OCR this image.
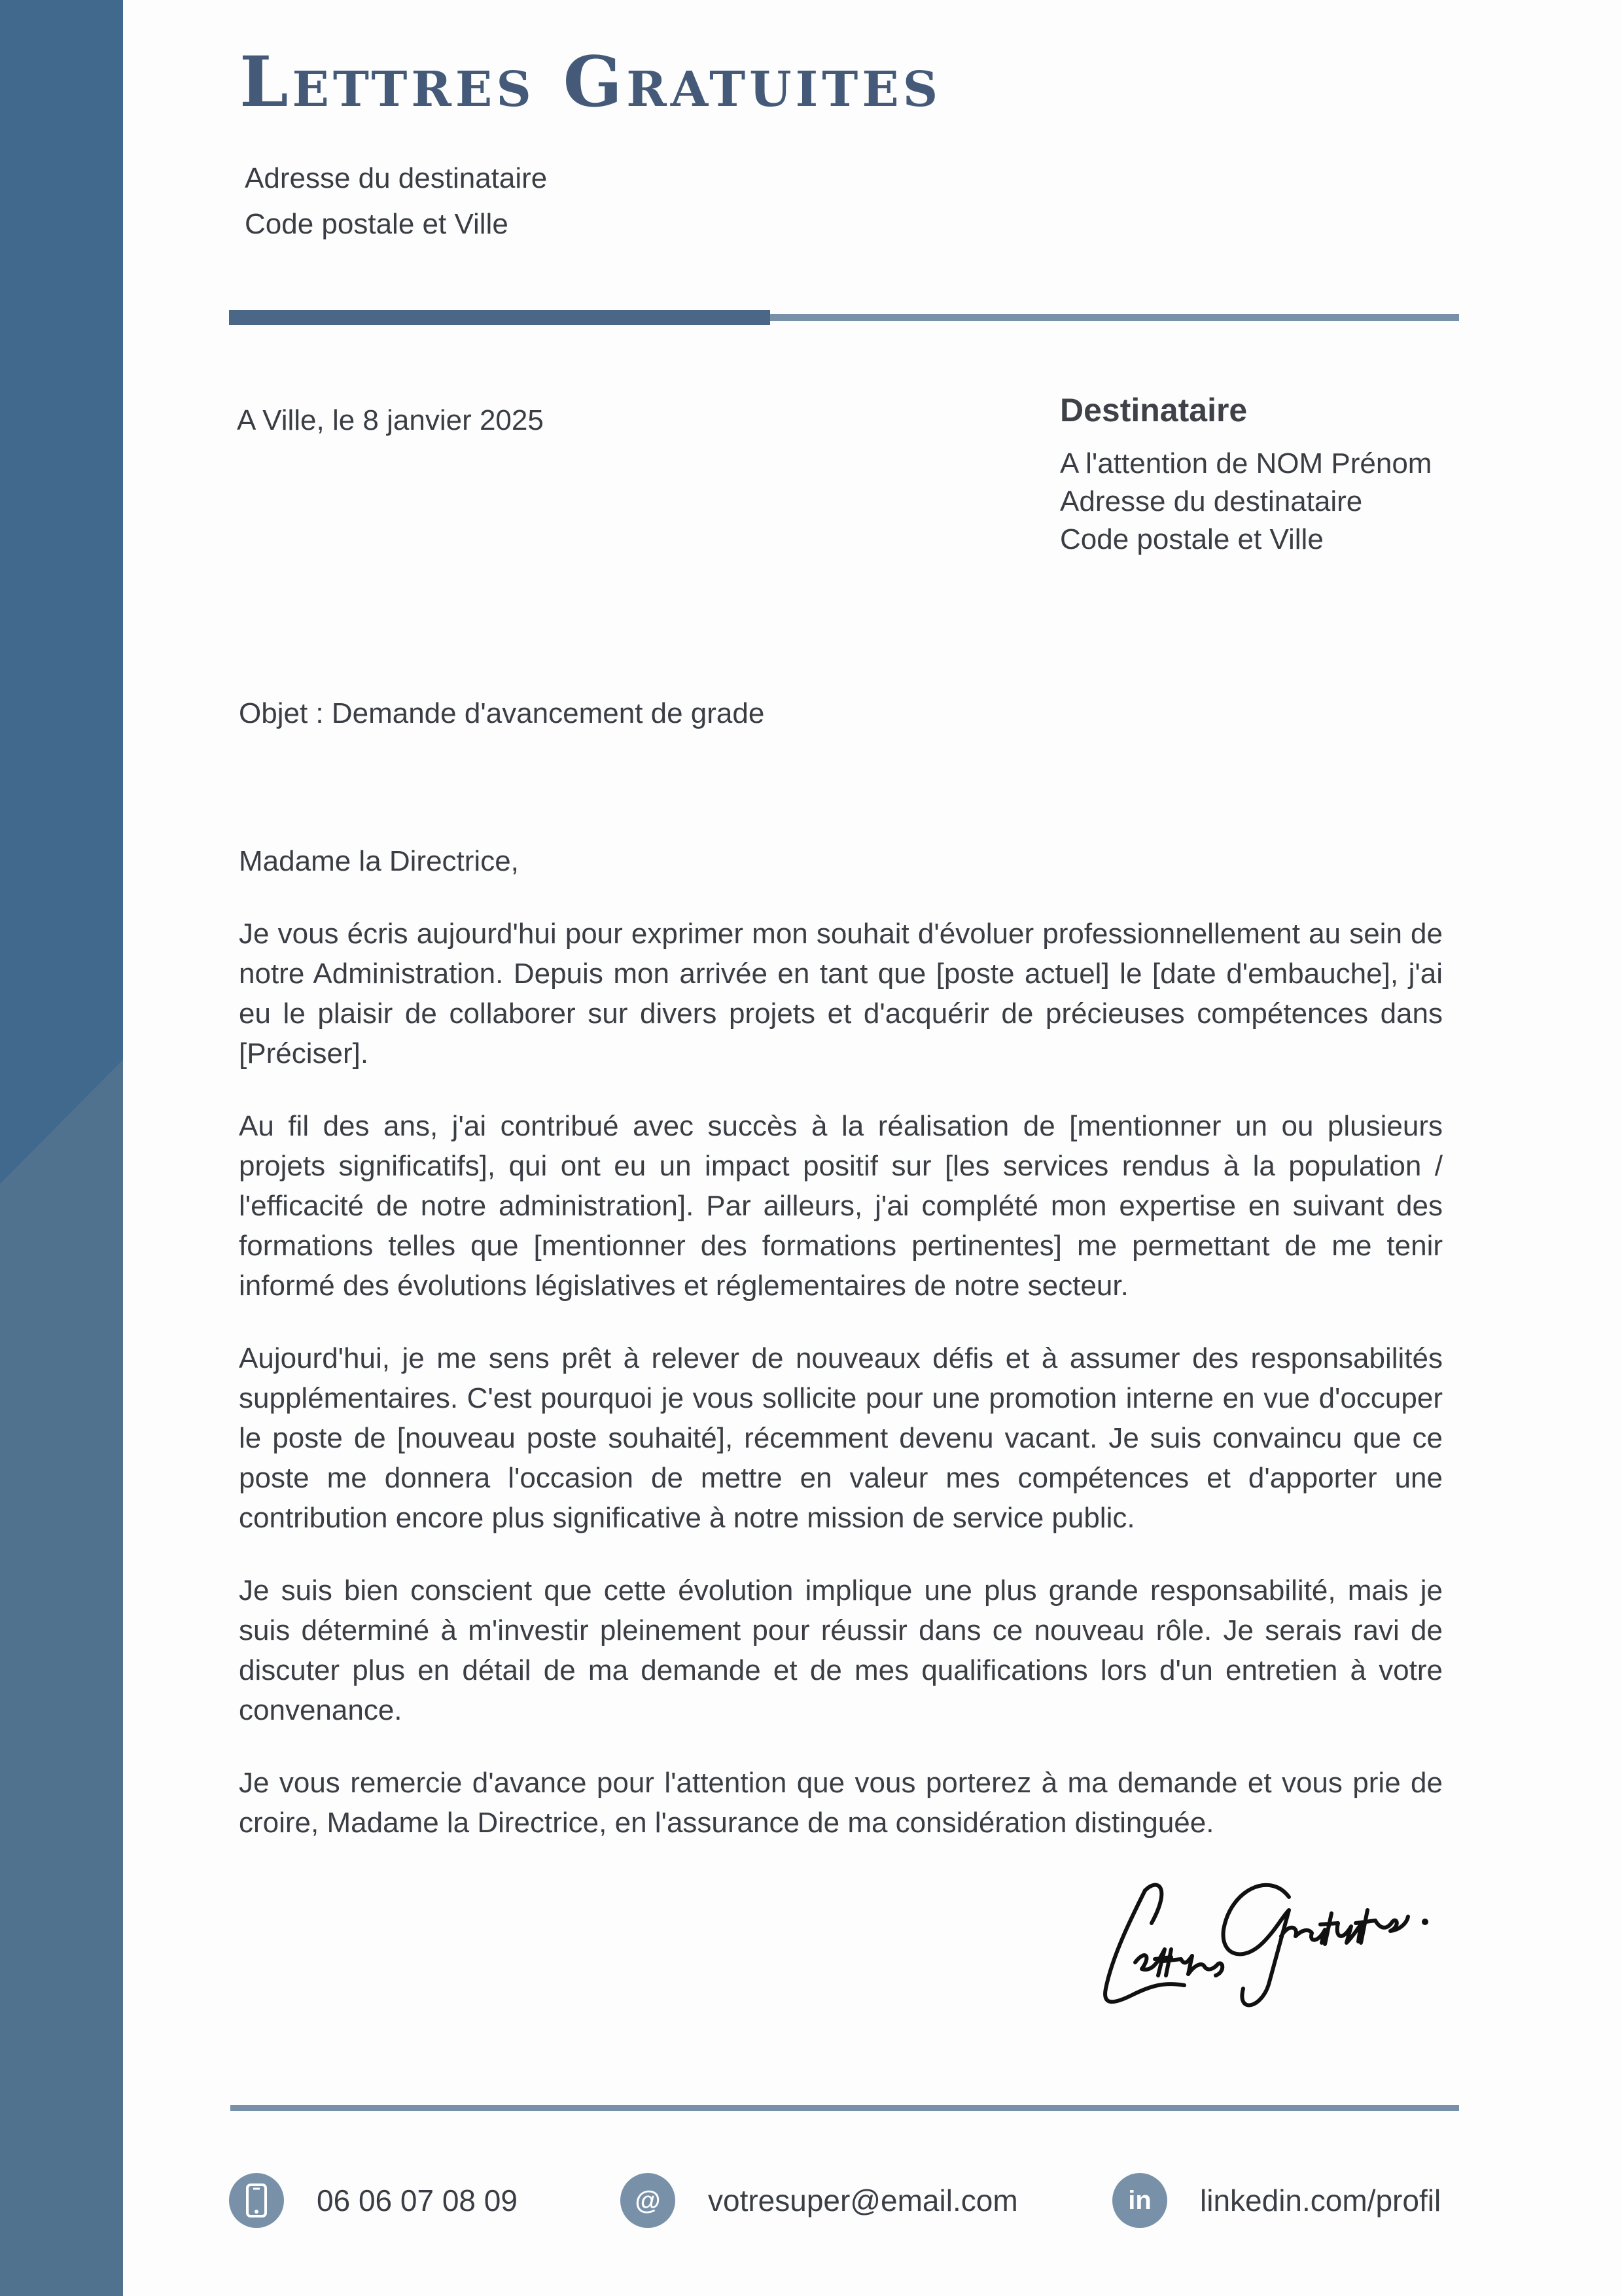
Lettres Gratuites
Adresse du destinataire
Code postale et Ville
A Ville, le 8 janvier 2025	Destinataire
A l'attention de NOM Prénom
Adresse du destinataire
Code postale et Ville
Objet : Demande d'avancement de grade

Madame la Directrice,

Je vous écris aujourd'hui pour exprimer mon souhait d'évoluer professionnellement au sein de notre Administration. Depuis mon arrivée en tant que [poste actuel] le [date d'embauche], j'ai eu le plaisir de collaborer sur divers projets et d'acquérir de précieuses compétences dans [Préciser].

Au fil des ans, j'ai contribué avec succès à la réalisation de [mentionner un ou plusieurs projets significatifs], qui ont eu un impact positif sur [les services rendus à la population / l'efficacité de notre administration]. Par ailleurs, j'ai complété mon expertise en suivant des formations telles que [mentionner des formations pertinentes] me permettant de me tenir informé des évolutions législatives et réglementaires de notre secteur.

Aujourd'hui, je me sens prêt à relever de nouveaux défis et à assumer des responsabilités supplémentaires. C'est pourquoi je vous sollicite pour une promotion interne en vue d'occuper le poste de [nouveau poste souhaité], récemment devenu vacant. Je suis convaincu que ce poste me donnera l'occasion de mettre en valeur mes compétences et d'apporter une contribution encore plus significative à notre mission de service public.

Je suis bien conscient que cette évolution implique une plus grande responsabilité, mais je suis déterminé à m'investir pleinement pour réussir dans ce nouveau rôle. Je serais ravi de discuter plus en détail de ma demande et de mes qualifications lors d'un entretien à votre convenance.

Je vous remercie d'avance pour l'attention que vous porterez à ma demande et vous prie de croire, Madame la Directrice, en l'assurance de ma considération distinguée.

06 06 07 08 09	@	votresuper@email.com	in	linkedin.com/profil
